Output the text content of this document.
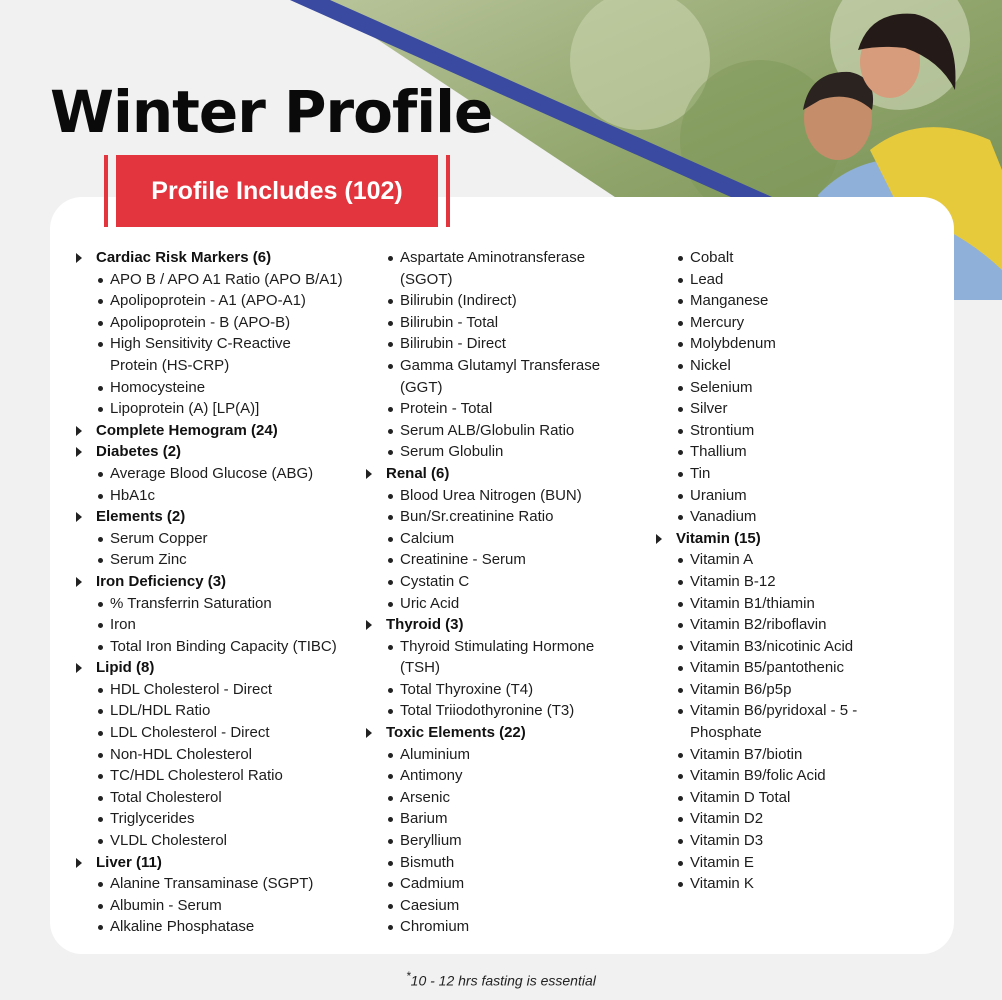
Winter Profile
Profile Includes (102)
Cardiac Risk Markers (6)
APO B / APO A1 Ratio (APO B/A1)
Apolipoprotein - A1 (APO-A1)
Apolipoprotein - B (APO-B)
High Sensitivity C-Reactive
Protein (HS-CRP)
Homocysteine
Lipoprotein (A) [LP(A)]
Complete Hemogram (24)
Diabetes (2)
Average Blood Glucose (ABG)
HbA1c
Elements (2)
Serum Copper
Serum Zinc
Iron Deficiency (3)
% Transferrin Saturation
Iron
Total Iron Binding Capacity (TIBC)
Lipid (8)
HDL Cholesterol - Direct
LDL/HDL Ratio
LDL Cholesterol - Direct
Non-HDL Cholesterol
TC/HDL Cholesterol Ratio
Total Cholesterol
Triglycerides
VLDL Cholesterol
Liver (11)
Alanine Transaminase (SGPT)
Albumin - Serum
Alkaline Phosphatase
Aspartate Aminotransferase
(SGOT)
Bilirubin (Indirect)
Bilirubin - Total
Bilirubin - Direct
Gamma Glutamyl Transferase
(GGT)
Protein - Total
Serum ALB/Globulin Ratio
Serum Globulin
Renal (6)
Blood Urea Nitrogen (BUN)
Bun/Sr.creatinine Ratio
Calcium
Creatinine - Serum
Cystatin C
Uric Acid
Thyroid (3)
Thyroid Stimulating Hormone
(TSH)
Total Thyroxine (T4)
Total Triiodothyronine (T3)
Toxic Elements (22)
Aluminium
Antimony
Arsenic
Barium
Beryllium
Bismuth
Cadmium
Caesium
Chromium
Cobalt
Lead
Manganese
Mercury
Molybdenum
Nickel
Selenium
Silver
Strontium
Thallium
Tin
Uranium
Vanadium
Vitamin (15)
Vitamin A
Vitamin B-12
Vitamin B1/thiamin
Vitamin B2/riboflavin
Vitamin B3/nicotinic Acid
Vitamin B5/pantothenic
Vitamin B6/p5p
Vitamin B6/pyridoxal - 5 -
Phosphate
Vitamin B7/biotin
Vitamin B9/folic Acid
Vitamin D Total
Vitamin D2
Vitamin D3
Vitamin E
Vitamin K
*10 - 12 hrs fasting is essential
